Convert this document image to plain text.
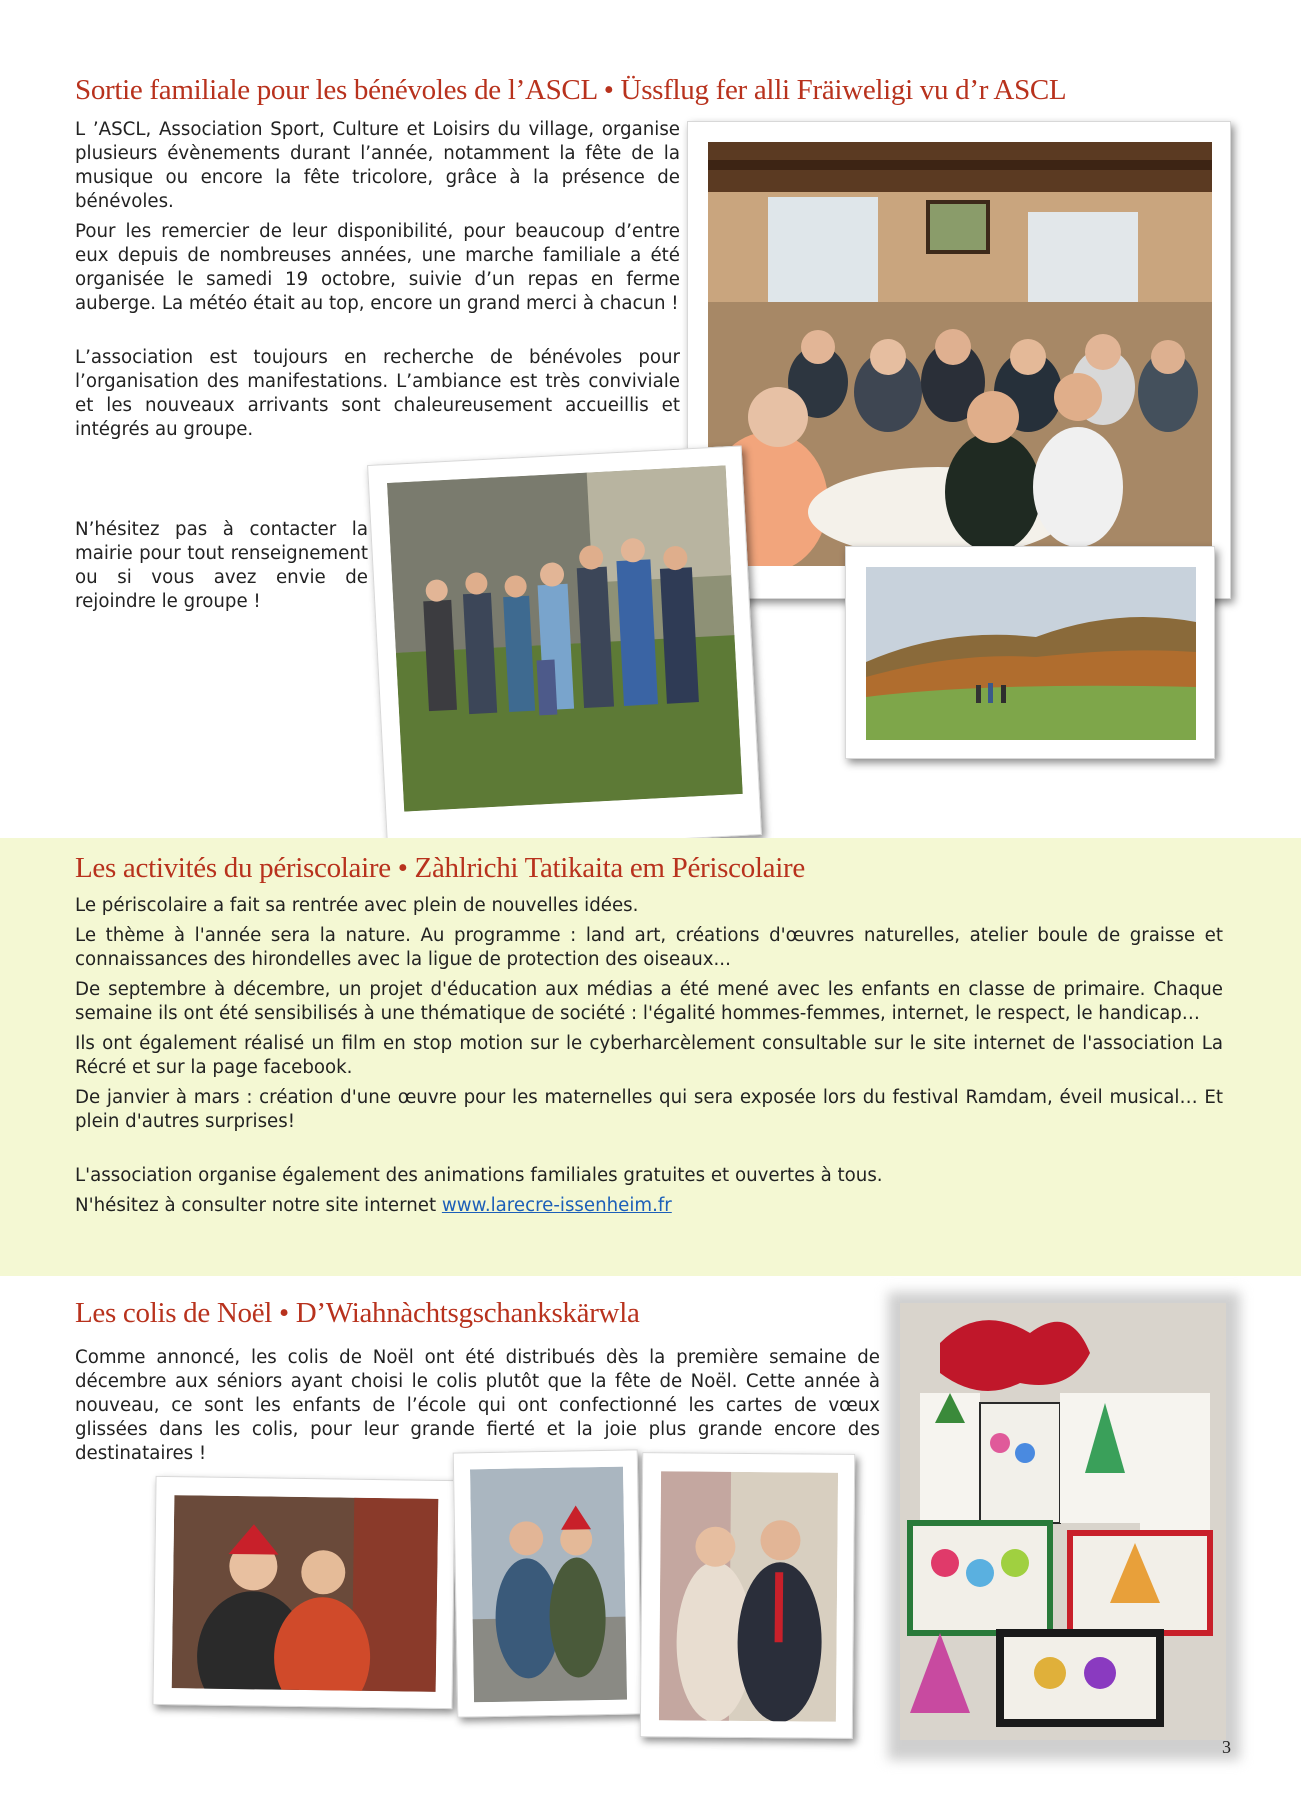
Sortie familiale pour les bénévoles de l’ASCL • Üssflug fer alli Fräiweligi vu d’r ASCL

L ’ASCL, Association Sport, Culture et Loisirs du village, organise plusieurs évènements durant l’année, notamment la fête de la musique ou encore la fête tricolore, grâce à la présence de bénévoles.

Pour les remercier de leur disponibilité, pour beaucoup d’entre eux depuis de nombreuses années, une marche familiale a été organisée le samedi 19 octobre, suivie d’un repas en ferme auberge. La météo était au top, encore un grand merci à chacun !

L’association est toujours en recherche de bénévoles pour l’organisation des manifestations. L’ambiance est très conviviale et les nouveaux arrivants sont chaleureusement accueillis et intégrés au groupe.

N’hésitez pas à contacter la mairie pour tout renseignement ou si vous avez envie de rejoindre le groupe !

Les activités du périscolaire • Zàhlrichi Tatikaita em Périscolaire

Le périscolaire a fait sa rentrée avec plein de nouvelles idées.

Le thème à l'année sera la nature. Au programme : land art, créations d'œuvres naturelles, atelier boule de graisse et connaissances des hirondelles avec la ligue de protection des oiseaux...

De septembre à décembre, un projet d'éducation aux médias a été mené avec les enfants en classe de primaire. Chaque semaine ils ont été sensibilisés à une thématique de société : l'égalité hommes-femmes, internet, le respect, le handicap…

Ils ont également réalisé un film en stop motion sur le cyberharcèlement consultable sur le site internet de l'association La Récré et sur la page facebook.

De janvier à mars : création d'une œuvre pour les maternelles qui sera exposée lors du festival Ramdam, éveil musical… Et plein d'autres surprises!

L'association organise également des animations familiales gratuites et ouvertes à tous.

N'hésitez à consulter notre site internet www.larecre-issenheim.fr

Les colis de Noël • D’Wiahnàchtsgschankskärwla

Comme annoncé, les colis de Noël ont été distribués dès la première semaine de décembre aux séniors ayant choisi le colis plutôt que la fête de Noël. Cette année à nouveau, ce sont les enfants de l’école qui ont confectionné les cartes de vœux glissées dans les colis, pour leur grande fierté et la joie plus grande encore des destinataires !

3
